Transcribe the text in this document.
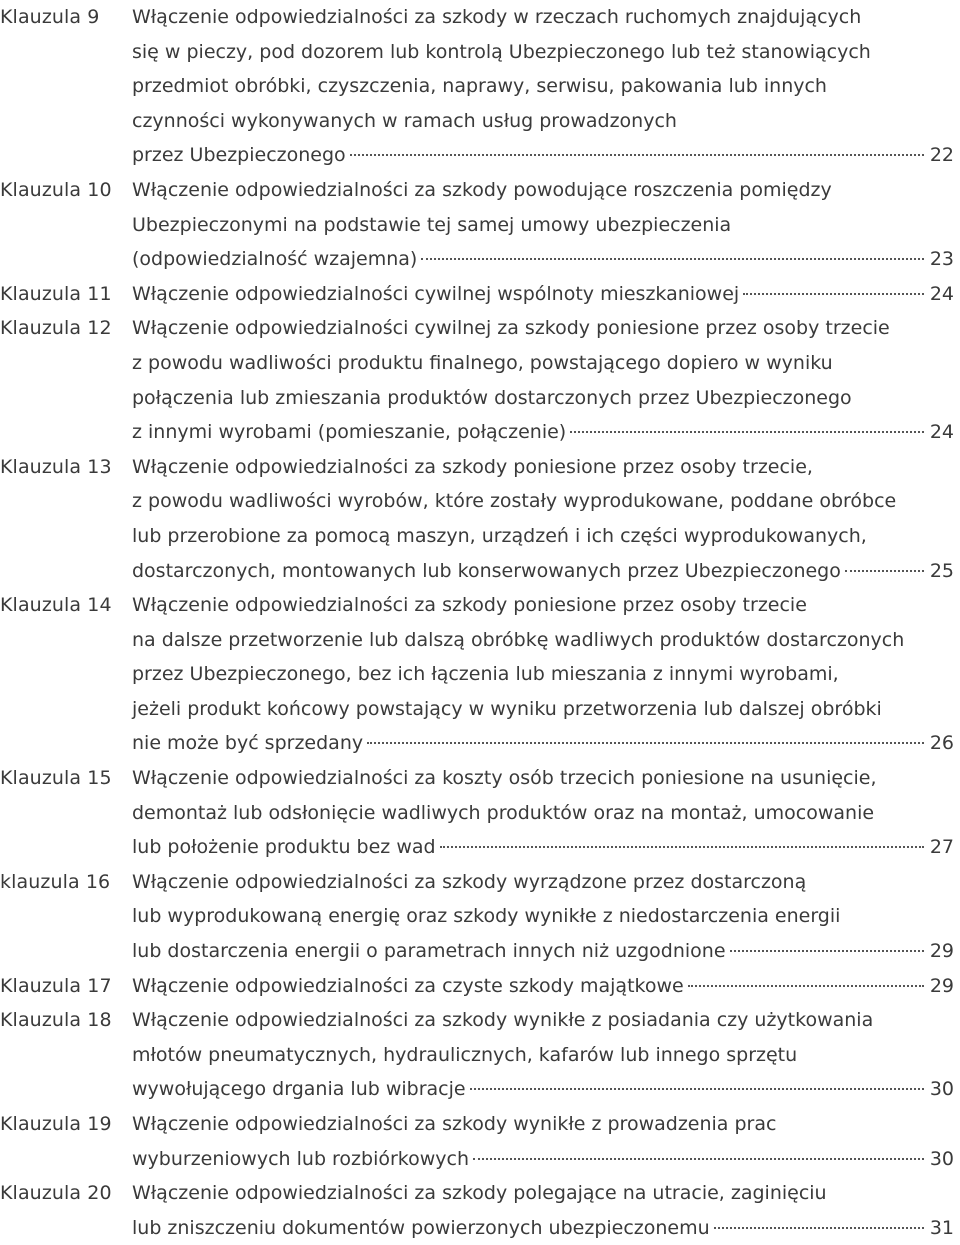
Klauzula 9 Włączenie odpowiedzialności za szkody w rzeczach ruchomych znajdujących
się w pieczy, pod dozorem lub kontrolą Ubezpieczonego lub też stanowiących
przedmiot obróbki, czyszczenia, naprawy, serwisu, pakowania lub innych
czynności wykonywanych w ramach usług prowadzonych
przez Ubezpieczonego	22
Klauzula 10 Włączenie odpowiedzialności za szkody powodujące roszczenia pomiędzy
Ubezpieczonymi na podstawie tej samej umowy ubezpieczenia
(odpowiedzialność wzajemna)	23
Klauzula 11 Włączenie odpowiedzialności cywilnej wspólnoty mieszkaniowej	24
Klauzula 12 Włączenie odpowiedzialności cywilnej za szkody poniesione przez osoby trzecie
z powodu wadliwości produktu finalnego, powstającego dopiero w wyniku
połączenia lub zmieszania produktów dostarczonych przez Ubezpieczonego
z innymi wyrobami (pomieszanie, połączenie)	24
Klauzula 13 Włączenie odpowiedzialności za szkody poniesione przez osoby trzecie,
z powodu wadliwości wyrobów, które zostały wyprodukowane, poddane obróbce
lub przerobione za pomocą maszyn, urządzeń i ich części wyprodukowanych,
dostarczonych, montowanych lub konserwowanych przez Ubezpieczonego	25
Klauzula 14 Włączenie odpowiedzialności za szkody poniesione przez osoby trzecie
na dalsze przetworzenie lub dalszą obróbkę wadliwych produktów dostarczonych
przez Ubezpieczonego, bez ich łączenia lub mieszania z innymi wyrobami,
jeżeli produkt końcowy powstający w wyniku przetworzenia lub dalszej obróbki
nie może być sprzedany	26
Klauzula 15 Włączenie odpowiedzialności za koszty osób trzecich poniesione na usunięcie,
demontaż lub odsłonięcie wadliwych produktów oraz na montaż, umocowanie
lub położenie produktu bez wad	27
klauzula 16 Włączenie odpowiedzialności za szkody wyrządzone przez dostarczoną
lub wyprodukowaną energię oraz szkody wynikłe z niedostarczenia energii
lub dostarczenia energii o parametrach innych niż uzgodnione	29
Klauzula 17 Włączenie odpowiedzialności za czyste szkody majątkowe	29
Klauzula 18 Włączenie odpowiedzialności za szkody wynikłe z posiadania czy użytkowania
młotów pneumatycznych, hydraulicznych, kafarów lub innego sprzętu
wywołującego drgania lub wibracje	30
Klauzula 19 Włączenie odpowiedzialności za szkody wynikłe z prowadzenia prac
wyburzeniowych lub rozbiórkowych	30
Klauzula 20 Włączenie odpowiedzialności za szkody polegające na utracie, zaginięciu
lub zniszczeniu dokumentów powierzonych ubezpieczonemu	31
